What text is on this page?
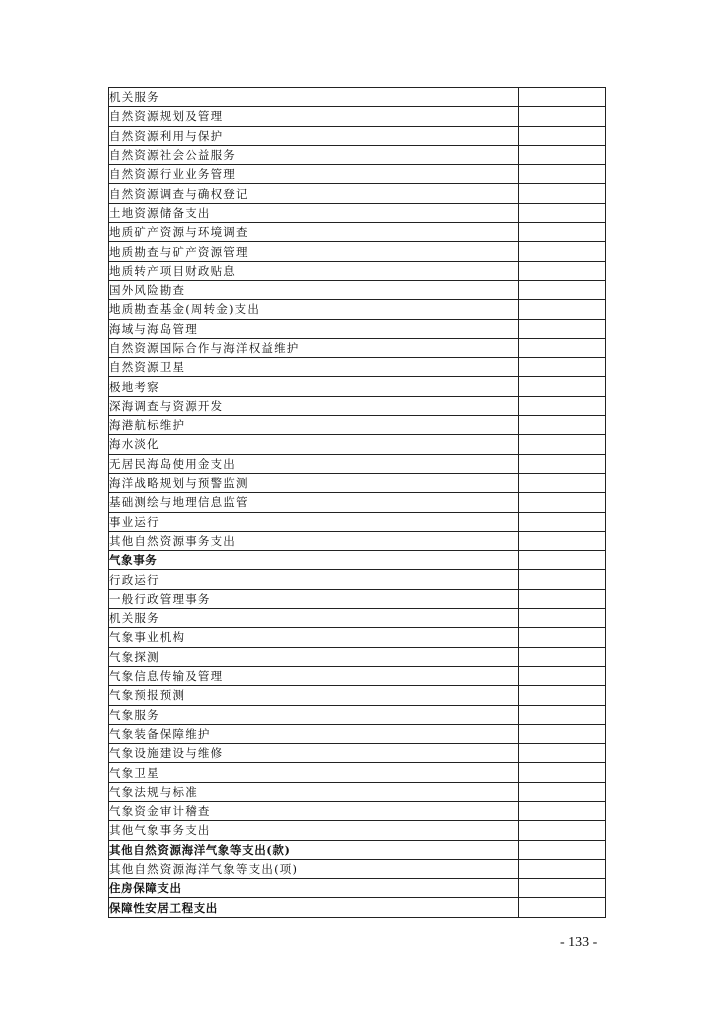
机关服务	
自然资源规划及管理	
自然资源利用与保护	
自然资源社会公益服务	
自然资源行业业务管理	
自然资源调查与确权登记	
土地资源储备支出	
地质矿产资源与环境调查	
地质勘查与矿产资源管理	
地质转产项目财政贴息	
国外风险勘查	
地质勘查基金(周转金)支出	
海域与海岛管理	
自然资源国际合作与海洋权益维护	
自然资源卫星	
极地考察	
深海调查与资源开发	
海港航标维护	
海水淡化	
无居民海岛使用金支出	
海洋战略规划与预警监测	
基础测绘与地理信息监管	
事业运行	
其他自然资源事务支出	
气象事务	
行政运行	
一般行政管理事务	
机关服务	
气象事业机构	
气象探测	
气象信息传输及管理	
气象预报预测	
气象服务	
气象装备保障维护	
气象设施建设与维修	
气象卫星	
气象法规与标准	
气象资金审计稽查	
其他气象事务支出	
其他自然资源海洋气象等支出(款)	
其他自然资源海洋气象等支出(项)	
住房保障支出	
保障性安居工程支出	
- 133 -
